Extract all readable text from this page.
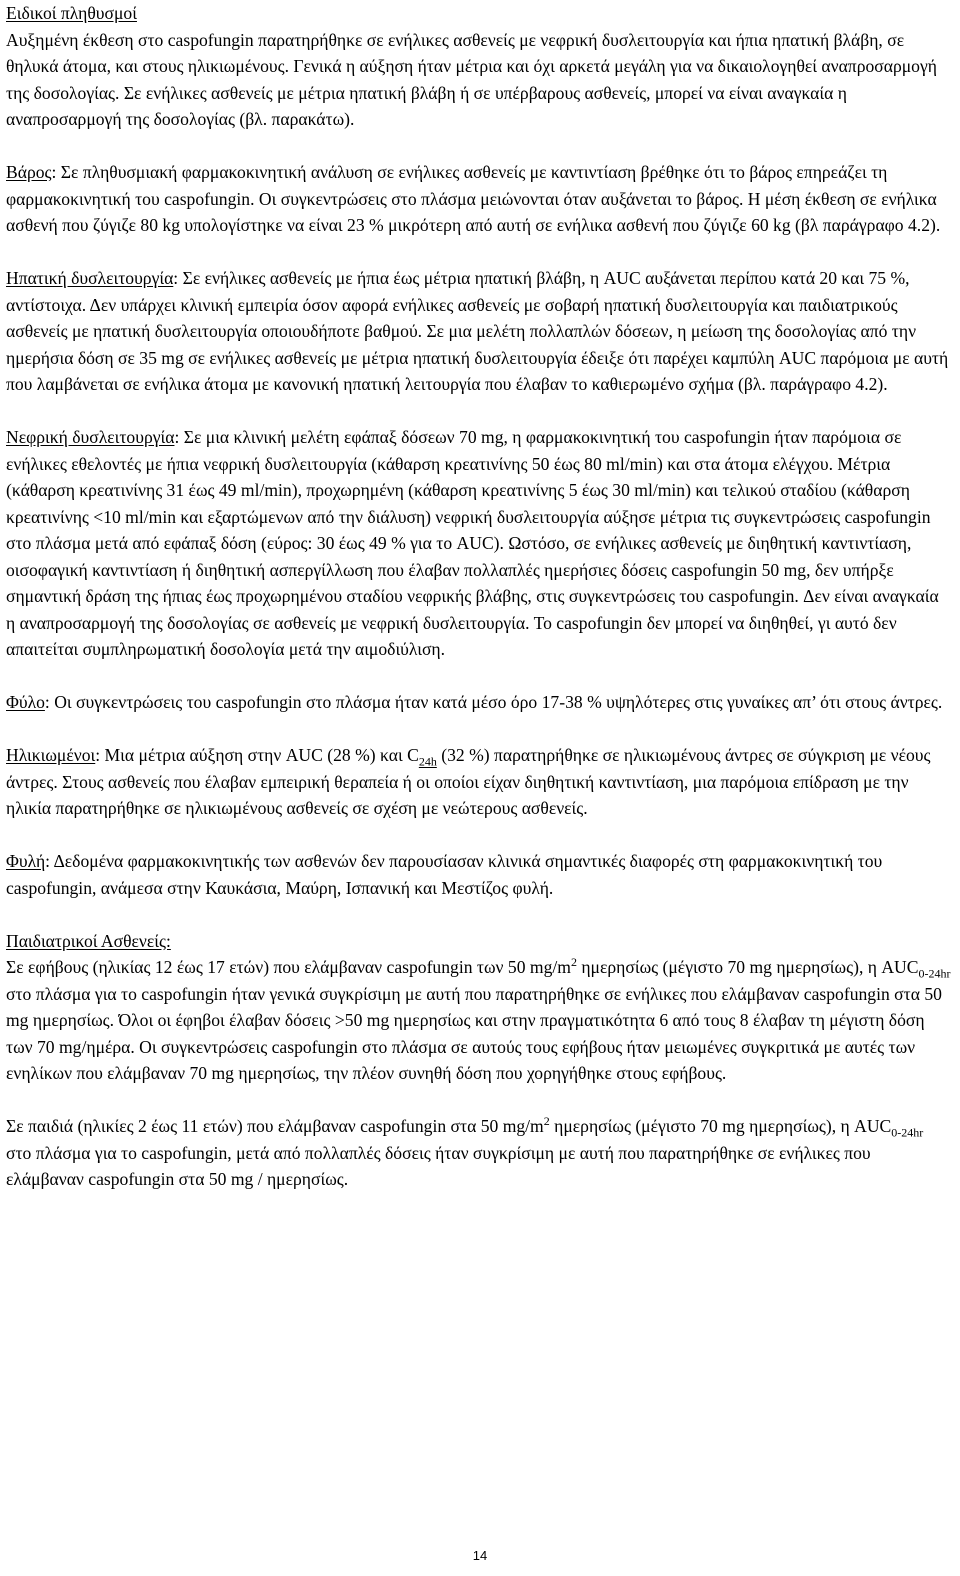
Ειδικοί πληθυσμοί

Αυξημένη έκθεση στο caspofungin παρατηρήθηκε σε ενήλικες ασθενείς με νεφρική δυσλειτουργία και ήπια ηπατική βλάβη, σε θηλυκά άτομα, και στους ηλικιωμένους. Γενικά η αύξηση ήταν μέτρια και όχι αρκετά μεγάλη για να δικαιολογηθεί αναπροσαρμογή της δοσολογίας. Σε ενήλικες ασθενείς με μέτρια ηπατική βλάβη ή σε υπέρβαρους ασθενείς, μπορεί να είναι αναγκαία η αναπροσαρμογή της δοσολογίας (βλ. παρακάτω).

Βάρος: Σε πληθυσμιακή φαρμακοκινητική ανάλυση σε ενήλικες ασθενείς με καντιντίαση βρέθηκε ότι το βάρος επηρεάζει τη φαρμακοκινητική του caspofungin. Οι συγκεντρώσεις στο πλάσμα μειώνονται όταν αυξάνεται το βάρος. Η μέση έκθεση σε ενήλικα ασθενή που ζύγιζε 80 kg υπολογίστηκε να είναι 23 % μικρότερη από αυτή σε ενήλικα ασθενή που ζύγιζε 60 kg (βλ παράγραφο 4.2).

Ηπατική δυσλειτουργία: Σε ενήλικες ασθενείς με ήπια έως μέτρια ηπατική βλάβη, η AUC αυξάνεται περίπου κατά 20 και 75 %, αντίστοιχα. Δεν υπάρχει κλινική εμπειρία όσον αφορά ενήλικες ασθενείς με σοβαρή ηπατική δυσλειτουργία και παιδιατρικούς ασθενείς με ηπατική δυσλειτουργία οποιουδήποτε βαθμού. Σε μια μελέτη πολλαπλών δόσεων, η μείωση της δοσολογίας από την ημερήσια δόση σε 35 mg σε ενήλικες ασθενείς με μέτρια ηπατική δυσλειτουργία έδειξε ότι παρέχει καμπύλη AUC παρόμοια με αυτή που λαμβάνεται σε ενήλικα άτομα με κανονική ηπατική λειτουργία που έλαβαν το καθιερωμένο σχήμα (βλ. παράγραφο 4.2).

Νεφρική δυσλειτουργία: Σε μια κλινική μελέτη εφάπαξ δόσεων 70 mg, η φαρμακοκινητική του caspofungin ήταν παρόμοια σε ενήλικες εθελοντές με ήπια νεφρική δυσλειτουργία (κάθαρση κρεατινίνης 50 έως 80 ml/min) και στα άτομα ελέγχου. Μέτρια (κάθαρση κρεατινίνης 31 έως 49 ml/min), προχωρημένη (κάθαρση κρεατινίνης 5 έως 30 ml/min) και τελικού σταδίου (κάθαρση κρεατινίνης <10 ml/min και εξαρτώμενων από την διάλυση) νεφρική δυσλειτουργία αύξησε μέτρια τις συγκεντρώσεις caspofungin στο πλάσμα μετά από εφάπαξ δόση (εύρος: 30 έως 49 % για το AUC). Ωστόσο, σε ενήλικες ασθενείς με διηθητική καντιντίαση, οισοφαγική καντιντίαση ή διηθητική ασπεργίλλωση που έλαβαν πολλαπλές ημερήσιες δόσεις caspofungin 50 mg, δεν υπήρξε σημαντική δράση της ήπιας έως προχωρημένου σταδίου νεφρικής βλάβης, στις συγκεντρώσεις του caspofungin. Δεν είναι αναγκαία η αναπροσαρμογή της δοσολογίας σε ασθενείς με νεφρική δυσλειτουργία. Το caspofungin δεν μπορεί να διηθηθεί, γι αυτό δεν απαιτείται συμπληρωματική δοσολογία μετά την αιμοδιύλιση.

Φύλο: Οι συγκεντρώσεις του caspofungin στο πλάσμα ήταν κατά μέσο όρο 17-38 % υψηλότερες στις γυναίκες απ’ ότι στους άντρες.

Ηλικιωμένοι: Μια μέτρια αύξηση στην AUC (28 %) και $C_{24h}$ (32 %) παρατηρήθηκε σε ηλικιωμένους άντρες σε σύγκριση με νέους άντρες. Στους ασθενείς που έλαβαν εμπειρική θεραπεία ή οι οποίοι είχαν διηθητική καντιντίαση, μια παρόμοια επίδραση με την ηλικία παρατηρήθηκε σε ηλικιωμένους ασθενείς σε σχέση με νεώτερους ασθενείς.

Φυλή: Δεδομένα φαρμακοκινητικής των ασθενών δεν παρουσίασαν κλινικά σημαντικές διαφορές στη φαρμακοκινητική του caspofungin, ανάμεσα στην Καυκάσια, Μαύρη, Ισπανική και Μεστίζος φυλή.

Παιδιατρικοί Ασθενείς:

Σε εφήβους (ηλικίας 12 έως 17 ετών) που ελάμβαναν caspofungin των 50 $mg/m^2$ ημερησίως (μέγιστο 70 mg ημερησίως), η $AUC_{0-24hr}$ στο πλάσμα για το caspofungin ήταν γενικά συγκρίσιμη με αυτή που παρατηρήθηκε σε ενήλικες που ελάμβαναν caspofungin στα 50 mg ημερησίως. Όλοι οι έφηβοι έλαβαν δόσεις >50 mg ημερησίως και στην πραγματικότητα 6 από τους 8 έλαβαν τη μέγιστη δόση των 70 mg/ημέρα. Οι συγκεντρώσεις caspofungin στο πλάσμα σε αυτούς τους εφήβους ήταν μειωμένες συγκριτικά με αυτές των ενηλίκων που ελάμβαναν 70 mg ημερησίως, την πλέον συνηθή δόση που χορηγήθηκε στους εφήβους.

Σε παιδιά (ηλικίες 2 έως 11 ετών) που ελάμβαναν caspofungin στα 50 $mg/m^2$ ημερησίως (μέγιστο 70 mg ημερησίως), η $AUC_{0-24hr}$ στο πλάσμα για το caspofungin, μετά από πολλαπλές δόσεις ήταν συγκρίσιμη με αυτή που παρατηρήθηκε σε ενήλικες που ελάμβαναν caspofungin στα 50 mg / ημερησίως.

14
